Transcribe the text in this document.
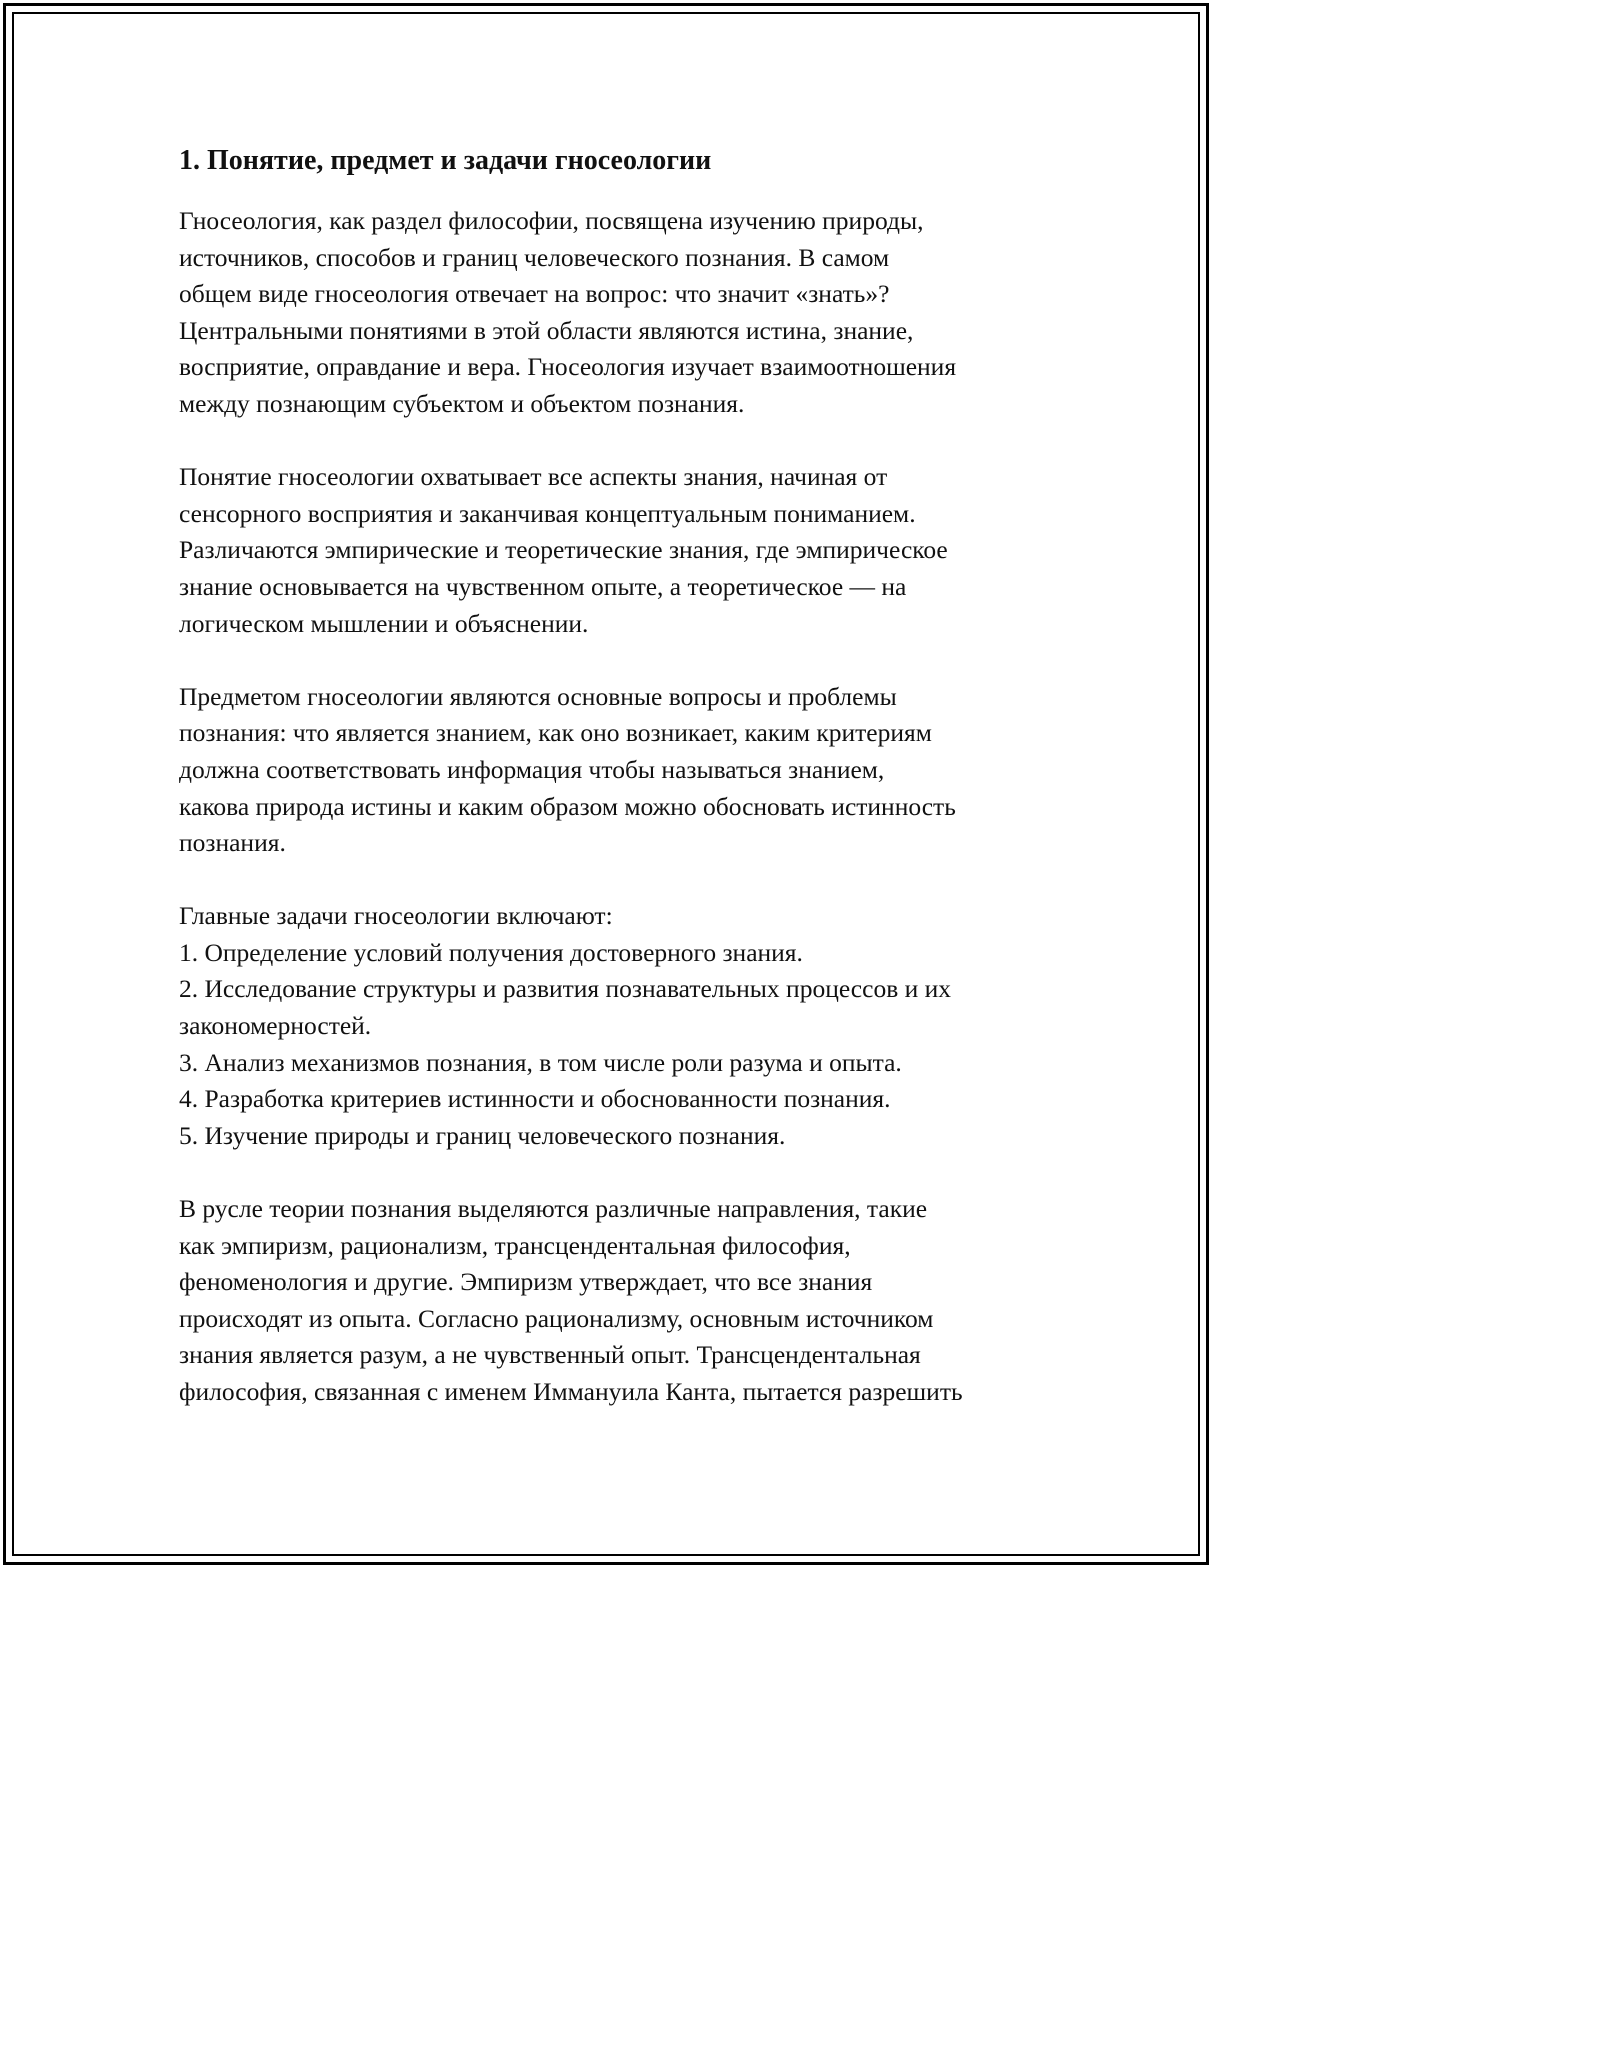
1. Понятие, предмет и задачи гносеологии
Гносеология, как раздел философии, посвящена изучению природы,
источников, способов и границ человеческого познания. В самом
общем виде гносеология отвечает на вопрос: что значит «знать»?
Центральными понятиями в этой области являются истина, знание,
восприятие, оправдание и вера. Гносеология изучает взаимоотношения
между познающим субъектом и объектом познания.
Понятие гносеологии охватывает все аспекты знания, начиная от
сенсорного восприятия и заканчивая концептуальным пониманием.
Различаются эмпирические и теоретические знания, где эмпирическое
знание основывается на чувственном опыте, а теоретическое — на
логическом мышлении и объяснении.
Предметом гносеологии являются основные вопросы и проблемы
познания: что является знанием, как оно возникает, каким критериям
должна соответствовать информация чтобы называться знанием,
какова природа истины и каким образом можно обосновать истинность
познания.
Главные задачи гносеологии включают:
1. Определение условий получения достоверного знания.
2. Исследование структуры и развития познавательных процессов и их
закономерностей.
3. Анализ механизмов познания, в том числе роли разума и опыта.
4. Разработка критериев истинности и обоснованности познания.
5. Изучение природы и границ человеческого познания.
В русле теории познания выделяются различные направления, такие
как эмпиризм, рационализм, трансцендентальная философия,
феноменология и другие. Эмпиризм утверждает, что все знания
происходят из опыта. Согласно рационализму, основным источником
знания является разум, а не чувственный опыт. Трансцендентальная
философия, связанная с именем Иммануила Канта, пытается разрешить
